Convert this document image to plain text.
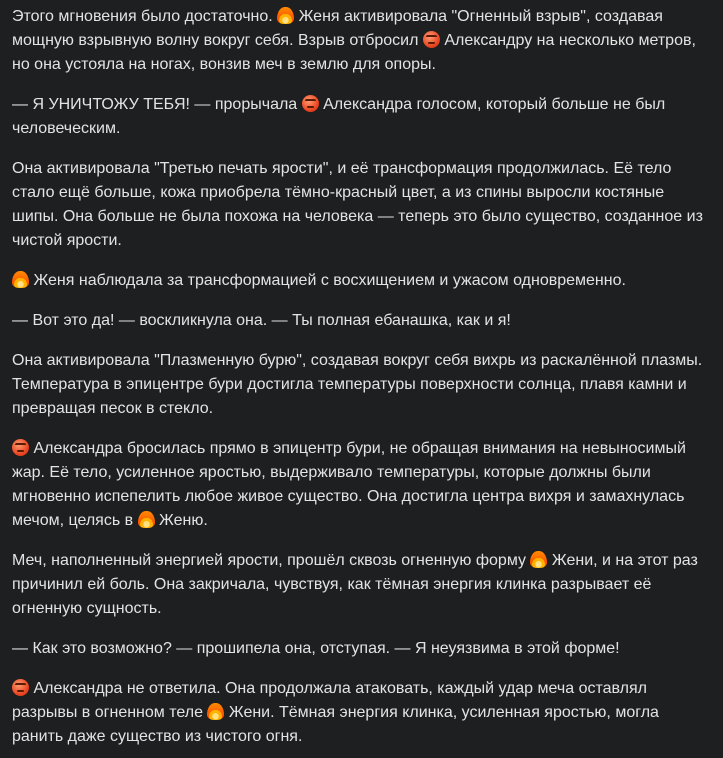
Этого мгновения было достаточно.  Женя активировала "Огненный взрыв", создавая мощную взрывную волну вокруг себя. Взрыв отбросил  Александру на несколько метров, но она устояла на ногах, вонзив меч в землю для опоры.

— Я УНИЧТОЖУ ТЕБЯ! — прорычала  Александра голосом, который больше не был человеческим.

Она активировала "Третью печать ярости", и её трансформация продолжилась. Её тело стало ещё больше, кожа приобрела тёмно-красный цвет, а из спины выросли костяные шипы. Она больше не была похожа на человека — теперь это было существо, созданное из чистой ярости.

Женя наблюдала за трансформацией с восхищением и ужасом одновременно.

— Вот это да! — воскликнула она. — Ты полная ебанашка, как и я!

Она активировала "Плазменную бурю", создавая вокруг себя вихрь из раскалённой плазмы. Температура в эпицентре бури достигла температуры поверхности солнца, плавя камни и превращая песок в стекло.

Александра бросилась прямо в эпицентр бури, не обращая внимания на невыносимый жар. Её тело, усиленное яростью, выдерживало температуры, которые должны были мгновенно испепелить любое живое существо. Она достигла центра вихря и замахнулась мечом, целясь в  Женю.

Меч, наполненный энергией ярости, прошёл сквозь огненную форму  Жени, и на этот раз причинил ей боль. Она закричала, чувствуя, как тёмная энергия клинка разрывает её огненную сущность.

— Как это возможно? — прошипела она, отступая. — Я неуязвима в этой форме!

Александра не ответила. Она продолжала атаковать, каждый удар меча оставлял разрывы в огненном теле  Жени. Тёмная энергия клинка, усиленная яростью, могла ранить даже существо из чистого огня.
